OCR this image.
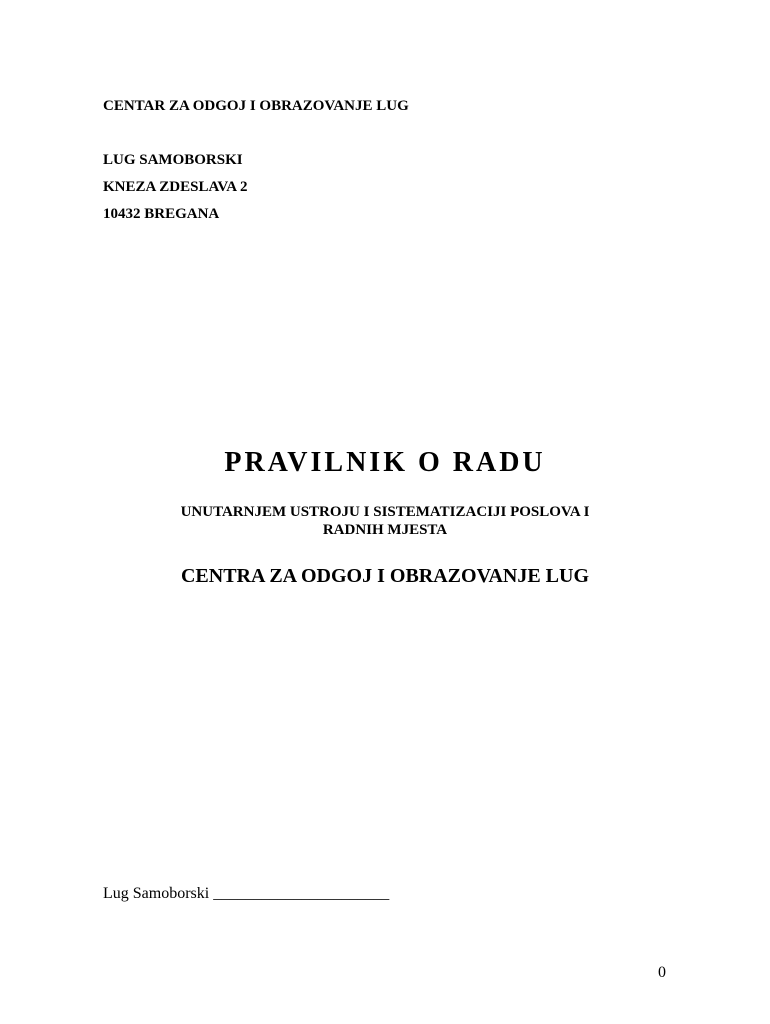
CENTAR ZA ODGOJ I OBRAZOVANJE LUG
LUG SAMOBORSKI
KNEZA ZDESLAVA 2
10432 BREGANA
PRAVILNIK O RADU
UNUTARNJEM USTROJU I SISTEMATIZACIJI POSLOVA I
RADNIH MJESTA
CENTRA ZA ODGOJ I OBRAZOVANJE LUG
Lug Samoborski ______________________
0
